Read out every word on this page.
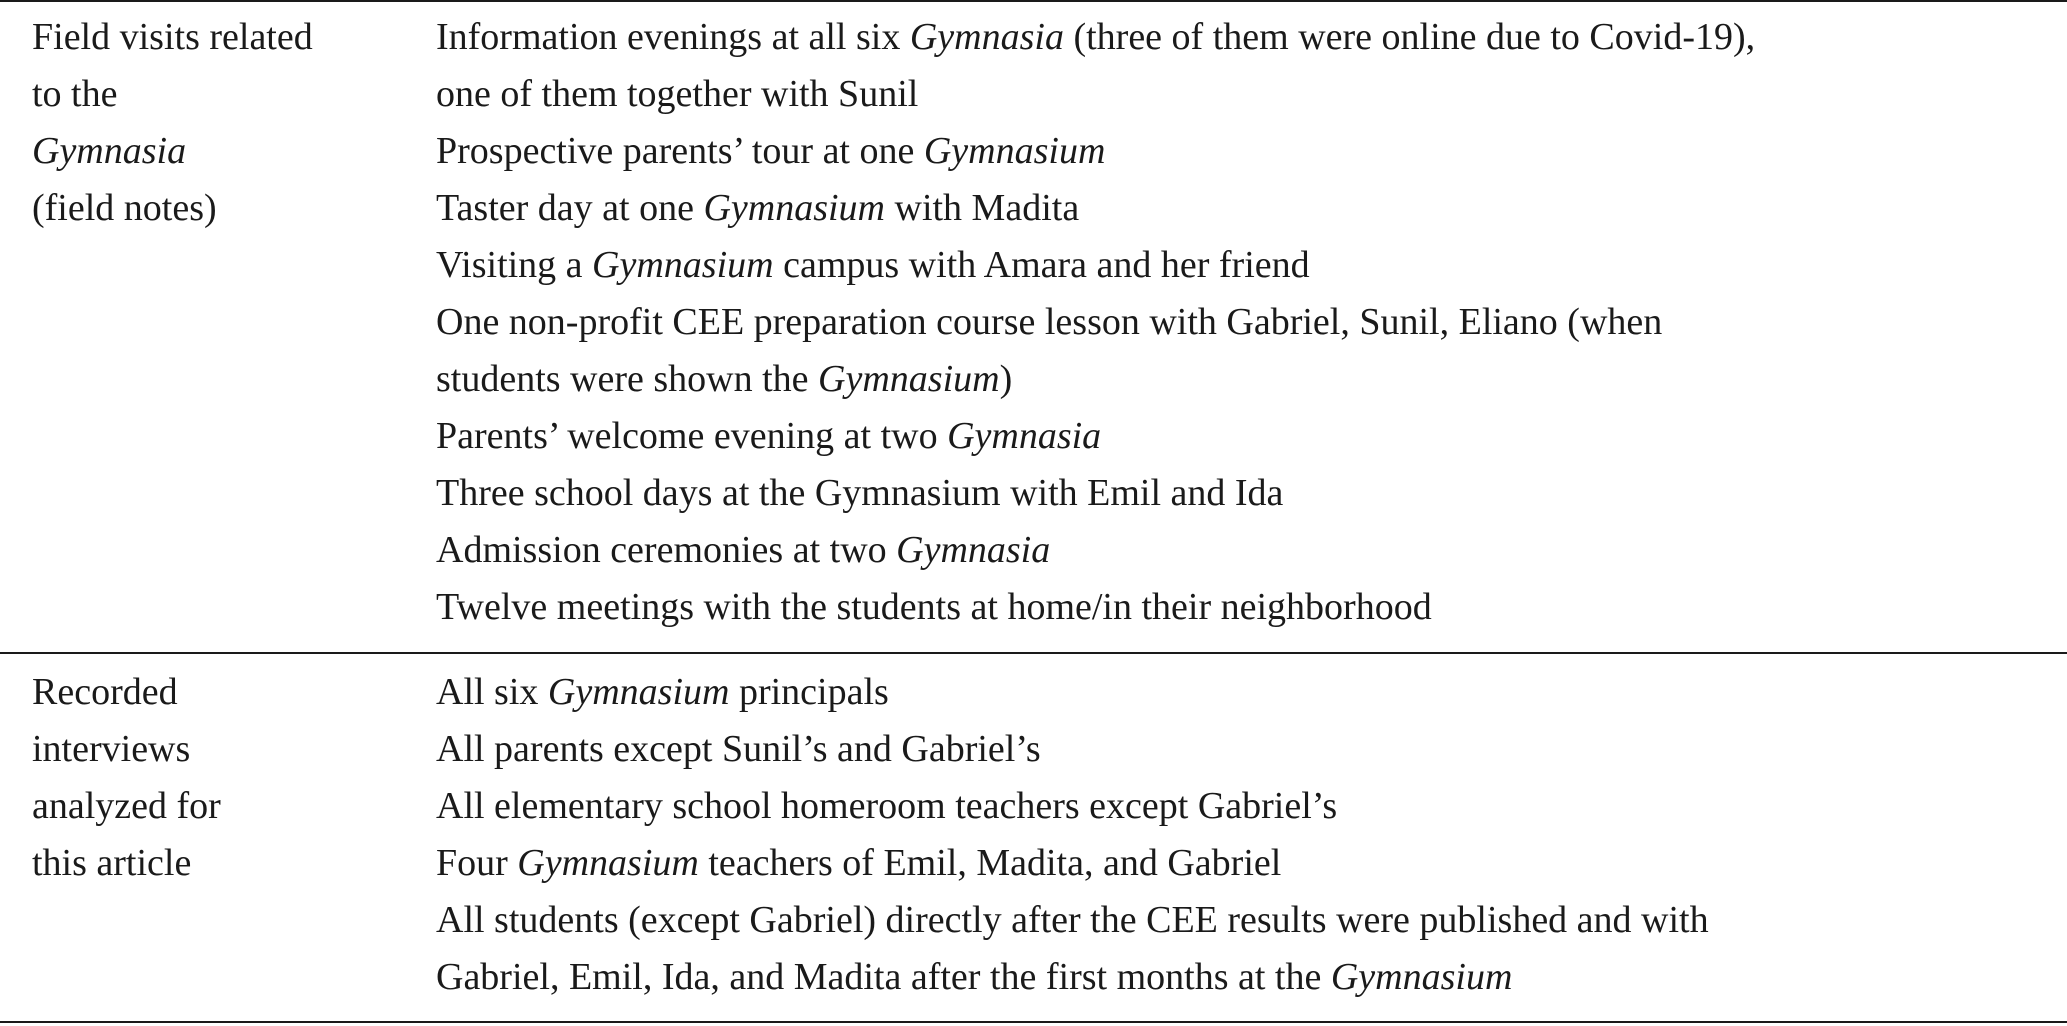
Field visits related
to the
Gymnasia
(field notes)
Information evenings at all six Gymnasia (three of them were online due to Covid-19),
one of them together with Sunil
Prospective parents’ tour at one Gymnasium
Taster day at one Gymnasium with Madita
Visiting a Gymnasium campus with Amara and her friend
One non-profit CEE preparation course lesson with Gabriel, Sunil, Eliano (when
students were shown the Gymnasium)
Parents’ welcome evening at two Gymnasia
Three school days at the Gymnasium with Emil and Ida
Admission ceremonies at two Gymnasia
Twelve meetings with the students at home/in their neighborhood
Recorded
interviews
analyzed for
this article
All six Gymnasium principals
All parents except Sunil’s and Gabriel’s
All elementary school homeroom teachers except Gabriel’s
Four Gymnasium teachers of Emil, Madita, and Gabriel
All students (except Gabriel) directly after the CEE results were published and with
Gabriel, Emil, Ida, and Madita after the first months at the Gymnasium
